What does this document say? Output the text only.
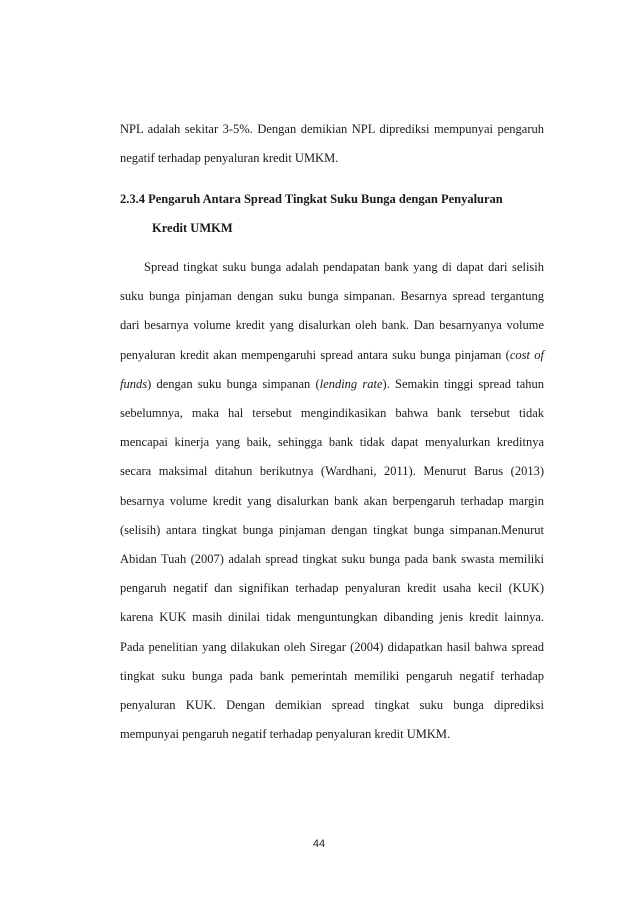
NPL adalah sekitar 3-5%. Dengan demikian NPL diprediksi mempunyai pengaruh negatif terhadap penyaluran kredit UMKM.

2.3.4 Pengaruh Antara Spread Tingkat Suku Bunga dengan Penyaluran
Kredit UMKM

Spread tingkat suku bunga adalah pendapatan bank yang di dapat dari selisih suku bunga pinjaman dengan suku bunga simpanan. Besarnya spread tergantung dari besarnya volume kredit yang disalurkan oleh bank. Dan besarnyanya volume penyaluran kredit akan mempengaruhi spread antara suku bunga pinjaman (cost of funds) dengan suku bunga simpanan (lending rate). Semakin tinggi spread tahun sebelumnya, maka hal tersebut mengindikasikan bahwa bank tersebut tidak mencapai kinerja yang baik, sehingga bank tidak dapat menyalurkan kreditnya secara maksimal ditahun berikutnya (Wardhani, 2011). Menurut Barus (2013) besarnya volume kredit yang disalurkan bank akan berpengaruh terhadap margin (selisih) antara tingkat bunga pinjaman dengan tingkat bunga simpanan.Menurut Abidan Tuah (2007) adalah spread tingkat suku bunga pada bank swasta memiliki pengaruh negatif dan signifikan terhadap penyaluran kredit usaha kecil (KUK) karena KUK masih dinilai tidak menguntungkan dibanding jenis kredit lainnya. Pada penelitian yang dilakukan oleh Siregar (2004) didapatkan hasil bahwa spread tingkat suku bunga pada bank pemerintah memiliki pengaruh negatif terhadap penyaluran KUK. Dengan demikian spread tingkat suku bunga diprediksi mempunyai pengaruh negatif terhadap penyaluran kredit UMKM.

44
